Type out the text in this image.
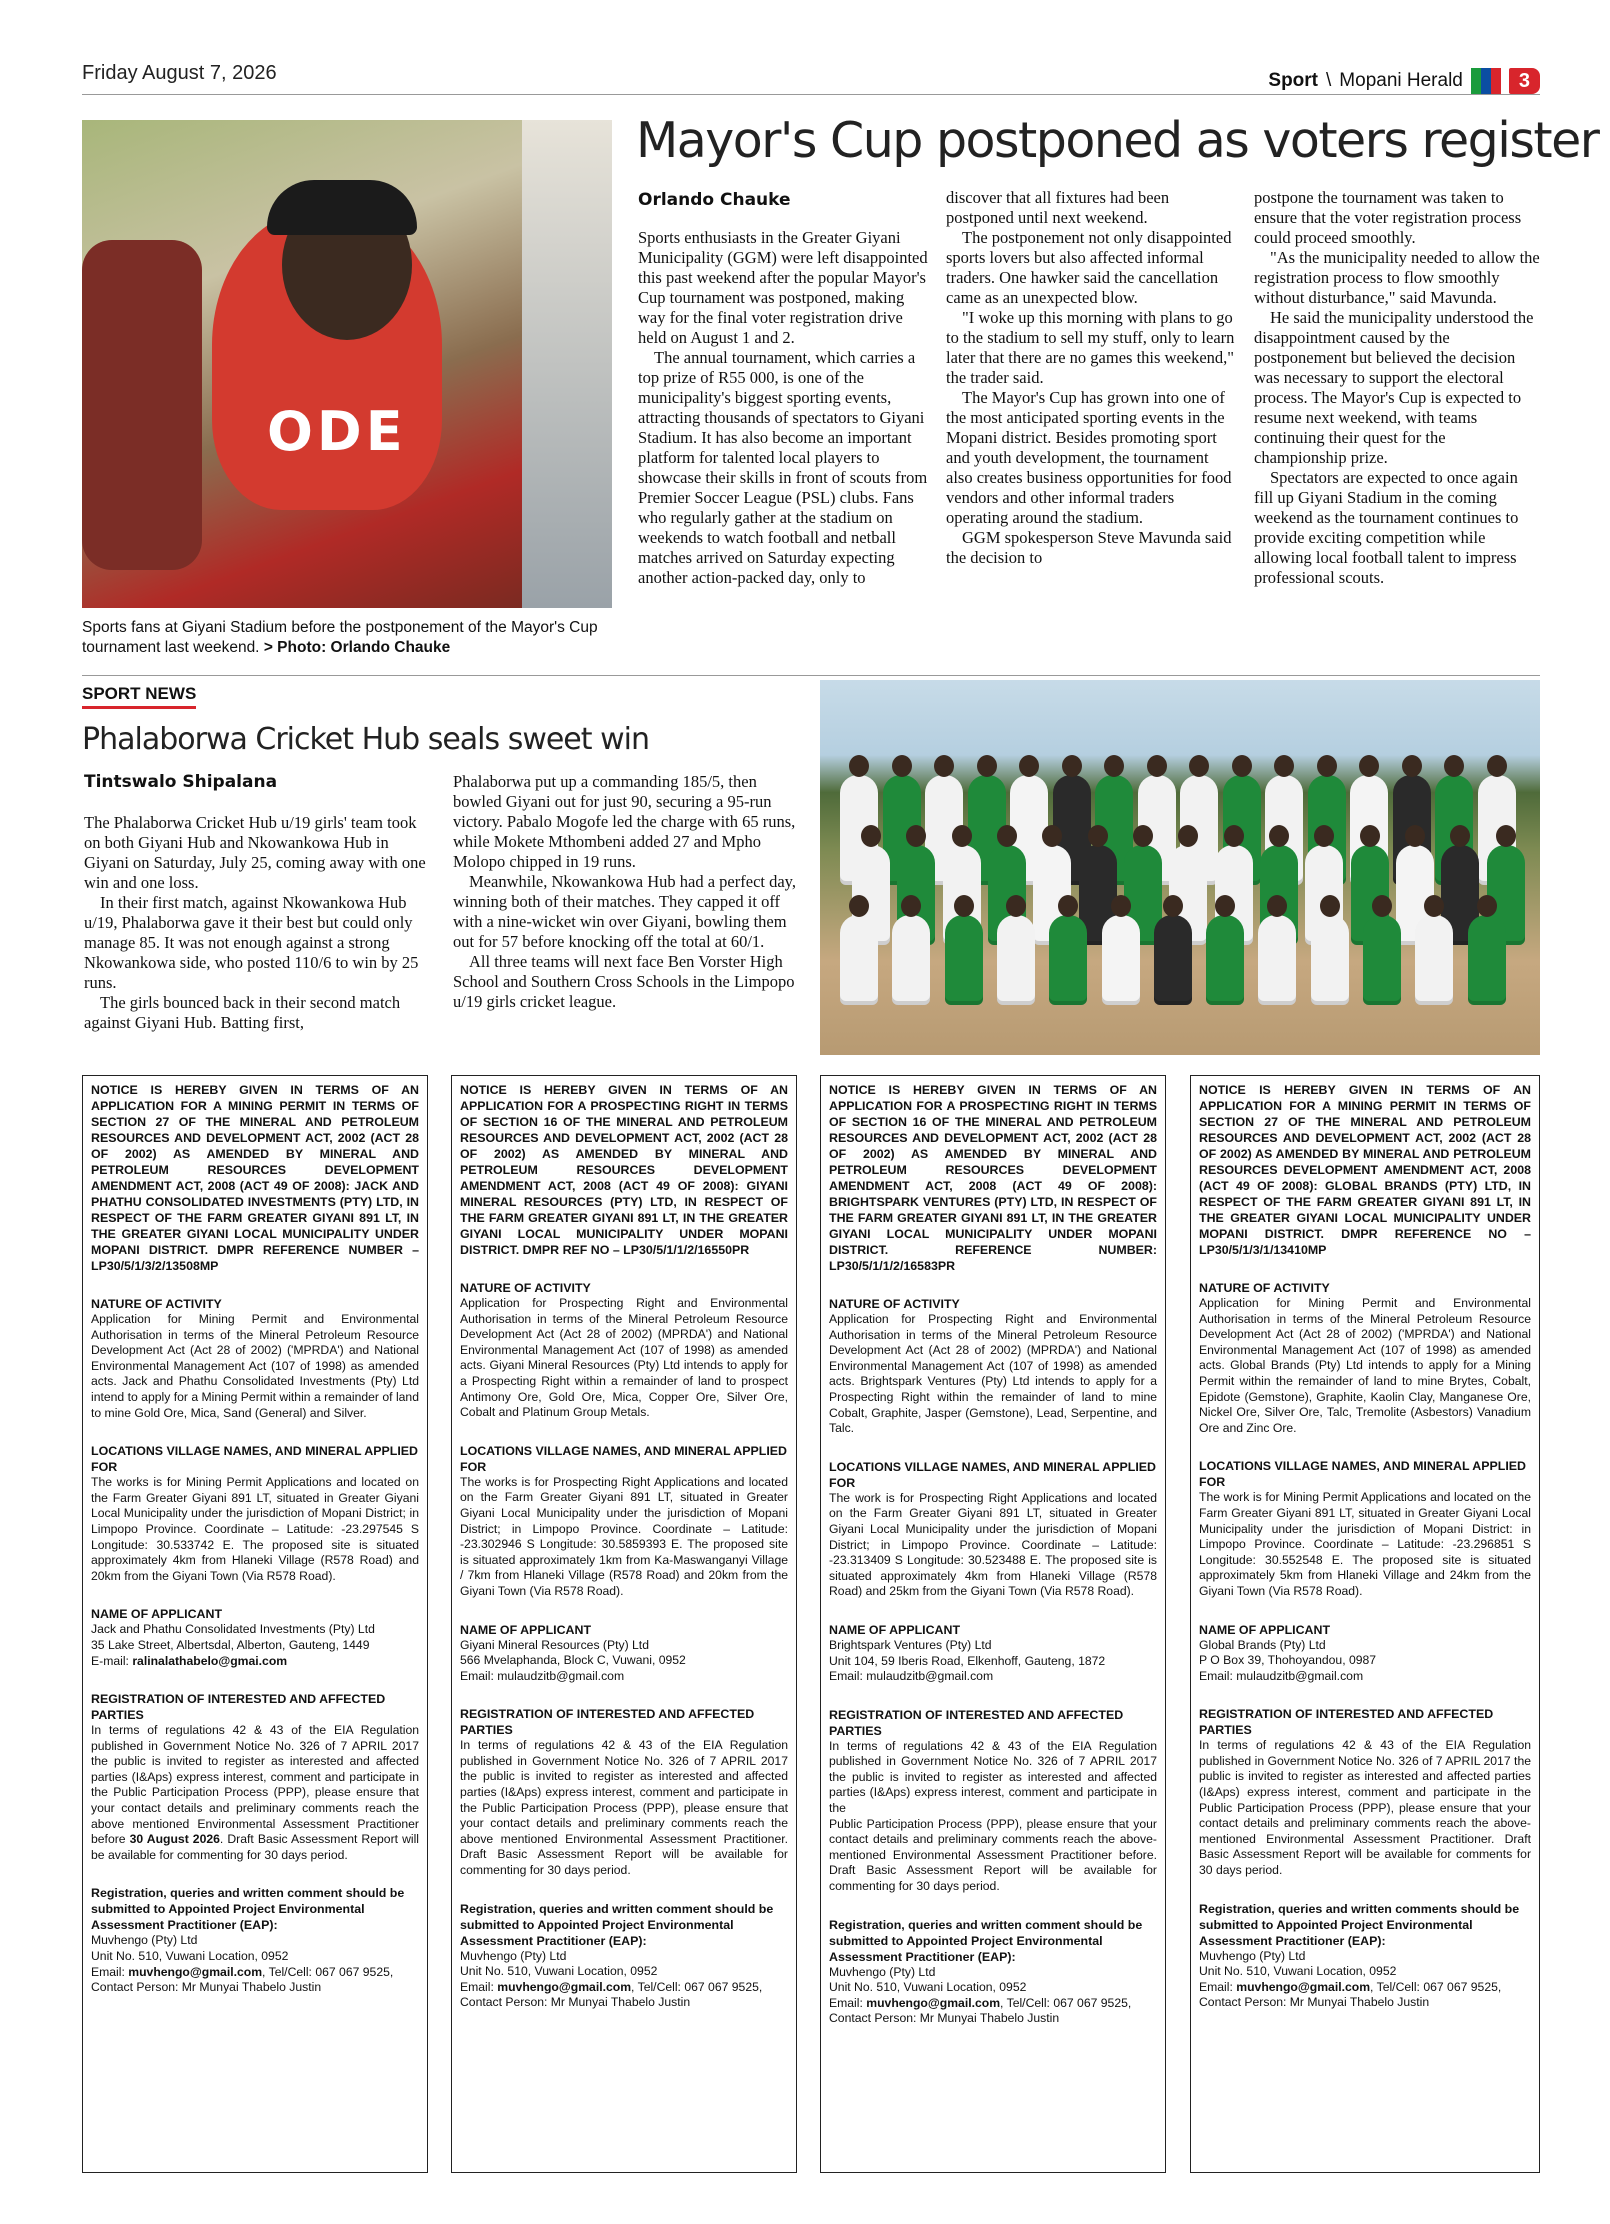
Friday August 7, 2026	Sport \ Mopani Herald	3
ODE
Sports fans at Giyani Stadium before the postponement of the Mayor's Cup tournament last weekend. > Photo: Orlando Chauke
Mayor's Cup postponed as voters register
Orlando Chauke

Sports enthusiasts in the Greater Giyani Municipality (GGM) were left disappointed this past weekend after the popular Mayor's Cup tournament was postponed, making way for the final voter registration drive held on August 1 and 2.

The annual tournament, which carries a top prize of R55 000, is one of the municipality's biggest sporting events, attracting thousands of spectators to Giyani Stadium. It has also become an important platform for talented local players to showcase their skills in front of scouts from Premier Soccer League (PSL) clubs. Fans who regularly gather at the stadium on weekends to watch football and netball matches arrived on Saturday expecting another action-packed day, only to

discover that all fixtures had been postponed until next weekend.

The postponement not only disappointed sports lovers but also affected informal traders. One hawker said the cancellation came as an unexpected blow.

"I woke up this morning with plans to go to the stadium to sell my stuff, only to learn later that there are no games this weekend," the trader said.

The Mayor's Cup has grown into one of the most anticipated sporting events in the Mopani district. Besides promoting sport and youth development, the tournament also creates business opportunities for food vendors and other informal traders operating around the stadium.

GGM spokesperson Steve Mavunda said the decision to

postpone the tournament was taken to ensure that the voter registration process could proceed smoothly.

"As the municipality needed to allow the registration process to flow smoothly without disturbance," said Mavunda.

He said the municipality understood the disappointment caused by the postponement but believed the decision was necessary to support the electoral process. The Mayor's Cup is expected to resume next weekend, with teams continuing their quest for the championship prize.

Spectators are expected to once again fill up Giyani Stadium in the coming weekend as the tournament continues to provide exciting competition while allowing local football talent to impress professional scouts.

SPORT NEWS
Phalaborwa Cricket Hub seals sweet win
Tintswalo Shipalana

The Phalaborwa Cricket Hub u/19 girls' team took on both Giyani Hub and Nkowankowa Hub in Giyani on Saturday, July 25, coming away with one win and one loss.

In their first match, against Nkowankowa Hub u/19, Phalaborwa gave it their best but could only manage 85. It was not enough against a strong Nkowankowa side, who posted 110/6 to win by 25 runs.

The girls bounced back in their second match against Giyani Hub. Batting first,

Phalaborwa put up a commanding 185/5, then bowled Giyani out for just 90, securing a 95-run victory. Pabalo Mogofe led the charge with 65 runs, while Mokete Mthombeni added 27 and Mpho Molopo chipped in 19 runs.

Meanwhile, Nkowankowa Hub had a perfect day, winning both of their matches. They capped it off with a nine-wicket win over Giyani, bowling them out for 57 before knocking off the total at 60/1.

All three teams will next face Ben Vorster High School and Southern Cross Schools in the Limpopo u/19 girls cricket league.

NOTICE IS HEREBY GIVEN IN TERMS OF AN APPLICATION FOR A MINING PERMIT IN TERMS OF SECTION 27 OF THE MINERAL AND PETROLEUM RESOURCES AND DEVELOPMENT ACT, 2002 (ACT 28 OF 2002) AS AMENDED BY MINERAL AND PETROLEUM RESOURCES DEVELOPMENT AMENDMENT ACT, 2008 (ACT 49 OF 2008): JACK AND PHATHU CONSOLIDATED INVESTMENTS (PTY) LTD, IN RESPECT OF THE FARM GREATER GIYANI 891 LT, IN THE GREATER GIYANI LOCAL MUNICIPALITY UNDER MOPANI DISTRICT. DMPR REFERENCE NUMBER – LP30/5/1/3/2/13508MP
NATURE OF ACTIVITY
Application for Mining Permit and Environmental Authorisation in terms of the Mineral Petroleum Resource Development Act (Act 28 of 2002) ('MPRDA') and National Environmental Management Act (107 of 1998) as amended acts. Jack and Phathu Consolidated Investments (Pty) Ltd intend to apply for a Mining Permit within a remainder of land to mine Gold Ore, Mica, Sand (General) and Silver.
LOCATIONS VILLAGE NAMES, AND MINERAL APPLIED FOR
The works is for Mining Permit Applications and located on the Farm Greater Giyani 891 LT, situated in Greater Giyani Local Municipality under the jurisdiction of Mopani District; in Limpopo Province. Coordinate – Latitude: -23.297545 S Longitude: 30.533742 E. The proposed site is situated approximately 4km from Hlaneki Village (R578 Road) and 20km from the Giyani Town (Via R578 Road).
NAME OF APPLICANT
Jack and Phathu Consolidated Investments (Pty) Ltd
35 Lake Street, Albertsdal, Alberton, Gauteng, 1449
E-mail: ralinalathabelo@gmai.com
REGISTRATION OF INTERESTED AND AFFECTED PARTIES
In terms of regulations 42 & 43 of the EIA Regulation published in Government Notice No. 326 of 7 APRIL 2017 the public is invited to register as interested and affected parties (I&Aps) express interest, comment and participate in the Public Participation Process (PPP), please ensure that your contact details and preliminary comments reach the above mentioned Environmental Assessment Practitioner before 30 August 2026. Draft Basic Assessment Report will be available for commenting for 30 days period.
Registration, queries and written comment should be submitted to Appointed Project Environmental Assessment Practitioner (EAP):
Muvhengo (Pty) Ltd
Unit No. 510, Vuwani Location, 0952
Email: muvhengo@gmail.com, Tel/Cell: 067 067 9525,
Contact Person: Mr Munyai Thabelo Justin
NOTICE IS HEREBY GIVEN IN TERMS OF AN APPLICATION FOR A PROSPECTING RIGHT IN TERMS OF SECTION 16 OF THE MINERAL AND PETROLEUM RESOURCES AND DEVELOPMENT ACT, 2002 (ACT 28 OF 2002) AS AMENDED BY MINERAL AND PETROLEUM RESOURCES DEVELOPMENT AMENDMENT ACT, 2008 (ACT 49 OF 2008): GIYANI MINERAL RESOURCES (PTY) LTD, IN RESPECT OF THE FARM GREATER GIYANI 891 LT, IN THE GREATER GIYANI LOCAL MUNICIPALITY UNDER MOPANI DISTRICT. DMPR REF NO – LP30/5/1/1/2/16550PR
NATURE OF ACTIVITY
Application for Prospecting Right and Environmental Authorisation in terms of the Mineral Petroleum Resource Development Act (Act 28 of 2002) (MPRDA') and National Environmental Management Act (107 of 1998) as amended acts. Giyani Mineral Resources (Pty) Ltd intends to apply for a Prospecting Right within a remainder of land to prospect Antimony Ore, Gold Ore, Mica, Copper Ore, Silver Ore, Cobalt and Platinum Group Metals.
LOCATIONS VILLAGE NAMES, AND MINERAL APPLIED FOR
The works is for Prospecting Right Applications and located on the Farm Greater Giyani 891 LT, situated in Greater Giyani Local Municipality under the jurisdiction of Mopani District; in Limpopo Province. Coordinate – Latitude: -23.302946 S Longitude: 30.5859393 E. The proposed site is situated approximately 1km from Ka-Maswanganyi Village / 7km from Hlaneki Village (R578 Road) and 20km from the Giyani Town (Via R578 Road).
NAME OF APPLICANT
Giyani Mineral Resources (Pty) Ltd
566 Mvelaphanda, Block C, Vuwani, 0952
Email: mulaudzitb@gmail.com
REGISTRATION OF INTERESTED AND AFFECTED PARTIES
In terms of regulations 42 & 43 of the EIA Regulation published in Government Notice No. 326 of 7 APRIL 2017 the public is invited to register as interested and affected parties (I&Aps) express interest, comment and participate in the Public Participation Process (PPP), please ensure that your contact details and preliminary comments reach the above mentioned Environmental Assessment Practitioner. Draft Basic Assessment Report will be available for commenting for 30 days period.
Registration, queries and written comment should be submitted to Appointed Project Environmental Assessment Practitioner (EAP):
Muvhengo (Pty) Ltd
Unit No. 510, Vuwani Location, 0952
Email: muvhengo@gmail.com, Tel/Cell: 067 067 9525, Contact Person: Mr Munyai Thabelo Justin
NOTICE IS HEREBY GIVEN IN TERMS OF AN APPLICATION FOR A PROSPECTING RIGHT IN TERMS OF SECTION 16 OF THE MINERAL AND PETROLEUM RESOURCES AND DEVELOPMENT ACT, 2002 (ACT 28 OF 2002) AS AMENDED BY MINERAL AND PETROLEUM RESOURCES DEVELOPMENT AMENDMENT ACT, 2008 (ACT 49 OF 2008): BRIGHTSPARK VENTURES (PTY) LTD, IN RESPECT OF THE FARM GREATER GIYANI 891 LT, IN THE GREATER GIYANI LOCAL MUNICIPALITY UNDER MOPANI DISTRICT. REFERENCE NUMBER: LP30/5/1/1/2/16583PR
NATURE OF ACTIVITY
Application for Prospecting Right and Environmental Authorisation in terms of the Mineral Petroleum Resource Development Act (Act 28 of 2002) (MPRDA') and National Environmental Management Act (107 of 1998) as amended acts. Brightspark Ventures (Pty) Ltd intends to apply for a Prospecting Right within the remainder of land to mine Cobalt, Graphite, Jasper (Gemstone), Lead, Serpentine, and Talc.
LOCATIONS VILLAGE NAMES, AND MINERAL APPLIED FOR
The work is for Prospecting Right Applications and located on the Farm Greater Giyani 891 LT, situated in Greater Giyani Local Municipality under the jurisdiction of Mopani District; in Limpopo Province. Coordinate – Latitude: -23.313409 S Longitude: 30.523488 E. The proposed site is situated approximately 4km from Hlaneki Village (R578 Road) and 25km from the Giyani Town (Via R578 Road).
NAME OF APPLICANT
Brightspark Ventures (Pty) Ltd
Unit 104, 59 Iberis Road, Elkenhoff, Gauteng, 1872
Email: mulaudzitb@gmail.com
REGISTRATION OF INTERESTED AND AFFECTED PARTIES
In terms of regulations 42 & 43 of the EIA Regulation published in Government Notice No. 326 of 7 APRIL 2017 the public is invited to register as interested and affected parties (I&Aps) express interest, comment and participate in the
Public Participation Process (PPP), please ensure that your contact details and preliminary comments reach the above-mentioned Environmental Assessment Practitioner before. Draft Basic Assessment Report will be available for commenting for 30 days period.
Registration, queries and written comment should be submitted to Appointed Project Environmental Assessment Practitioner (EAP):
Muvhengo (Pty) Ltd
Unit No. 510, Vuwani Location, 0952
Email: muvhengo@gmail.com, Tel/Cell: 067 067 9525, Contact Person: Mr Munyai Thabelo Justin
NOTICE IS HEREBY GIVEN IN TERMS OF AN APPLICATION FOR A MINING PERMIT IN TERMS OF SECTION 27 OF THE MINERAL AND PETROLEUM RESOURCES AND DEVELOPMENT ACT, 2002 (ACT 28 OF 2002) AS AMENDED BY MINERAL AND PETROLEUM RESOURCES DEVELOPMENT AMENDMENT ACT, 2008 (ACT 49 OF 2008): GLOBAL BRANDS (PTY) LTD, IN RESPECT OF THE FARM GREATER GIYANI 891 LT, IN THE GREATER GIYANI LOCAL MUNICIPALITY UNDER MOPANI DISTRICT. DMPR REFERENCE NO – LP30/5/1/3/1/13410MP
NATURE OF ACTIVITY
Application for Mining Permit and Environmental Authorisation in terms of the Mineral Petroleum Resource Development Act (Act 28 of 2002) ('MPRDA') and National Environmental Management Act (107 of 1998) as amended acts. Global Brands (Pty) Ltd intends to apply for a Mining Permit within the remainder of land to mine Brytes, Cobalt, Epidote (Gemstone), Graphite, Kaolin Clay, Manganese Ore, Nickel Ore, Silver Ore, Talc, Tremolite (Asbestors) Vanadium Ore and Zinc Ore.
LOCATIONS VILLAGE NAMES, AND MINERAL APPLIED FOR
The work is for Mining Permit Applications and located on the Farm Greater Giyani 891 LT, situated in Greater Giyani Local Municipality under the jurisdiction of Mopani District: in Limpopo Province. Coordinate – Latitude: -23.296851 S Longitude: 30.552548 E. The proposed site is situated approximately 5km from Hlaneki Village and 24km from the Giyani Town (Via R578 Road).
NAME OF APPLICANT
Global Brands (Pty) Ltd
P O Box 39, Thohoyandou, 0987
Email: mulaudzitb@gmail.com
REGISTRATION OF INTERESTED AND AFFECTED PARTIES
In terms of regulations 42 & 43 of the EIA Regulation published in Government Notice No. 326 of 7 APRIL 2017 the public is invited to register as interested and affected parties (I&Aps) express interest, comment and participate in the Public Participation Process (PPP), please ensure that your contact details and preliminary comments reach the above-mentioned Environmental Assessment Practitioner. Draft Basic Assessment Report will be available for comments for 30 days period.
Registration, queries and written comments should be submitted to Appointed Project Environmental Assessment Practitioner (EAP):
Muvhengo (Pty) Ltd
Unit No. 510, Vuwani Location, 0952
Email: muvhengo@gmail.com, Tel/Cell: 067 067 9525, Contact Person: Mr Munyai Thabelo Justin
